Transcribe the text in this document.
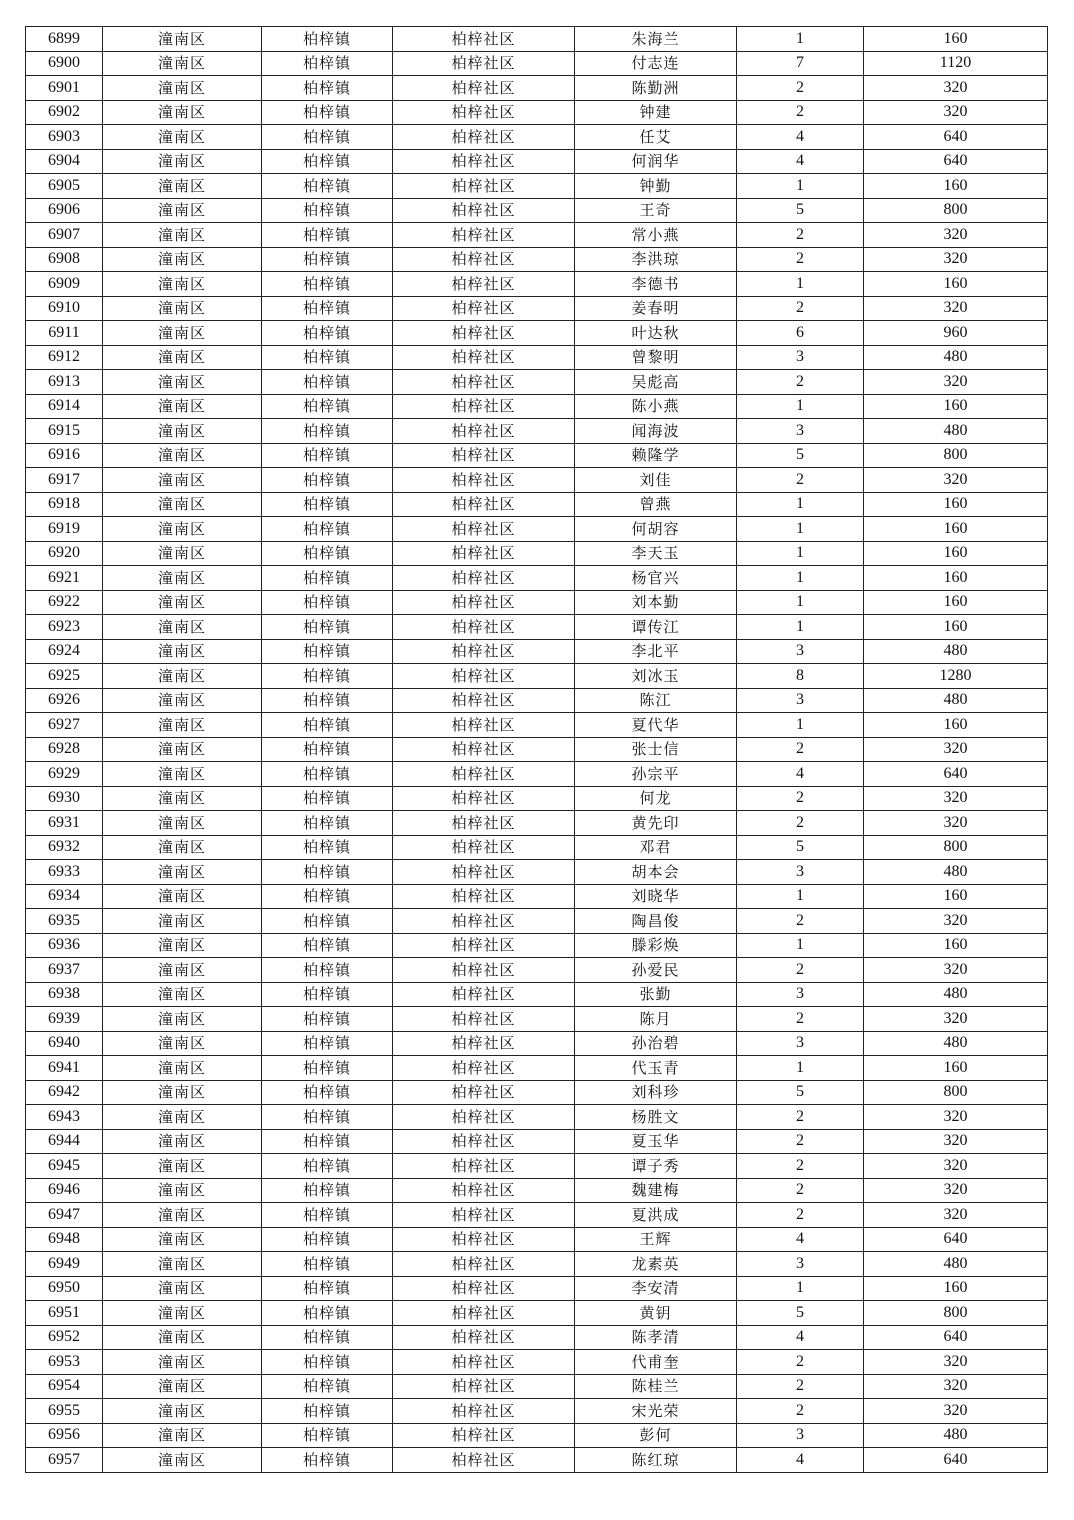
6899	潼南区	柏梓镇	柏梓社区	朱海兰	1	160
6900	潼南区	柏梓镇	柏梓社区	付志连	7	1120
6901	潼南区	柏梓镇	柏梓社区	陈勤洲	2	320
6902	潼南区	柏梓镇	柏梓社区	钟建	2	320
6903	潼南区	柏梓镇	柏梓社区	任艾	4	640
6904	潼南区	柏梓镇	柏梓社区	何润华	4	640
6905	潼南区	柏梓镇	柏梓社区	钟勤	1	160
6906	潼南区	柏梓镇	柏梓社区	王奇	5	800
6907	潼南区	柏梓镇	柏梓社区	常小燕	2	320
6908	潼南区	柏梓镇	柏梓社区	李洪琼	2	320
6909	潼南区	柏梓镇	柏梓社区	李德书	1	160
6910	潼南区	柏梓镇	柏梓社区	姜春明	2	320
6911	潼南区	柏梓镇	柏梓社区	叶达秋	6	960
6912	潼南区	柏梓镇	柏梓社区	曾黎明	3	480
6913	潼南区	柏梓镇	柏梓社区	吴彪高	2	320
6914	潼南区	柏梓镇	柏梓社区	陈小燕	1	160
6915	潼南区	柏梓镇	柏梓社区	闻海波	3	480
6916	潼南区	柏梓镇	柏梓社区	赖隆学	5	800
6917	潼南区	柏梓镇	柏梓社区	刘佳	2	320
6918	潼南区	柏梓镇	柏梓社区	曾燕	1	160
6919	潼南区	柏梓镇	柏梓社区	何胡容	1	160
6920	潼南区	柏梓镇	柏梓社区	李天玉	1	160
6921	潼南区	柏梓镇	柏梓社区	杨官兴	1	160
6922	潼南区	柏梓镇	柏梓社区	刘本勤	1	160
6923	潼南区	柏梓镇	柏梓社区	谭传江	1	160
6924	潼南区	柏梓镇	柏梓社区	李北平	3	480
6925	潼南区	柏梓镇	柏梓社区	刘冰玉	8	1280
6926	潼南区	柏梓镇	柏梓社区	陈江	3	480
6927	潼南区	柏梓镇	柏梓社区	夏代华	1	160
6928	潼南区	柏梓镇	柏梓社区	张士信	2	320
6929	潼南区	柏梓镇	柏梓社区	孙宗平	4	640
6930	潼南区	柏梓镇	柏梓社区	何龙	2	320
6931	潼南区	柏梓镇	柏梓社区	黄先印	2	320
6932	潼南区	柏梓镇	柏梓社区	邓君	5	800
6933	潼南区	柏梓镇	柏梓社区	胡本会	3	480
6934	潼南区	柏梓镇	柏梓社区	刘晓华	1	160
6935	潼南区	柏梓镇	柏梓社区	陶昌俊	2	320
6936	潼南区	柏梓镇	柏梓社区	滕彩焕	1	160
6937	潼南区	柏梓镇	柏梓社区	孙爱民	2	320
6938	潼南区	柏梓镇	柏梓社区	张勤	3	480
6939	潼南区	柏梓镇	柏梓社区	陈月	2	320
6940	潼南区	柏梓镇	柏梓社区	孙治碧	3	480
6941	潼南区	柏梓镇	柏梓社区	代玉青	1	160
6942	潼南区	柏梓镇	柏梓社区	刘科珍	5	800
6943	潼南区	柏梓镇	柏梓社区	杨胜文	2	320
6944	潼南区	柏梓镇	柏梓社区	夏玉华	2	320
6945	潼南区	柏梓镇	柏梓社区	谭子秀	2	320
6946	潼南区	柏梓镇	柏梓社区	魏建梅	2	320
6947	潼南区	柏梓镇	柏梓社区	夏洪成	2	320
6948	潼南区	柏梓镇	柏梓社区	王辉	4	640
6949	潼南区	柏梓镇	柏梓社区	龙素英	3	480
6950	潼南区	柏梓镇	柏梓社区	李安清	1	160
6951	潼南区	柏梓镇	柏梓社区	黄钥	5	800
6952	潼南区	柏梓镇	柏梓社区	陈孝清	4	640
6953	潼南区	柏梓镇	柏梓社区	代甫奎	2	320
6954	潼南区	柏梓镇	柏梓社区	陈桂兰	2	320
6955	潼南区	柏梓镇	柏梓社区	宋光荣	2	320
6956	潼南区	柏梓镇	柏梓社区	彭何	3	480
6957	潼南区	柏梓镇	柏梓社区	陈红琼	4	640
